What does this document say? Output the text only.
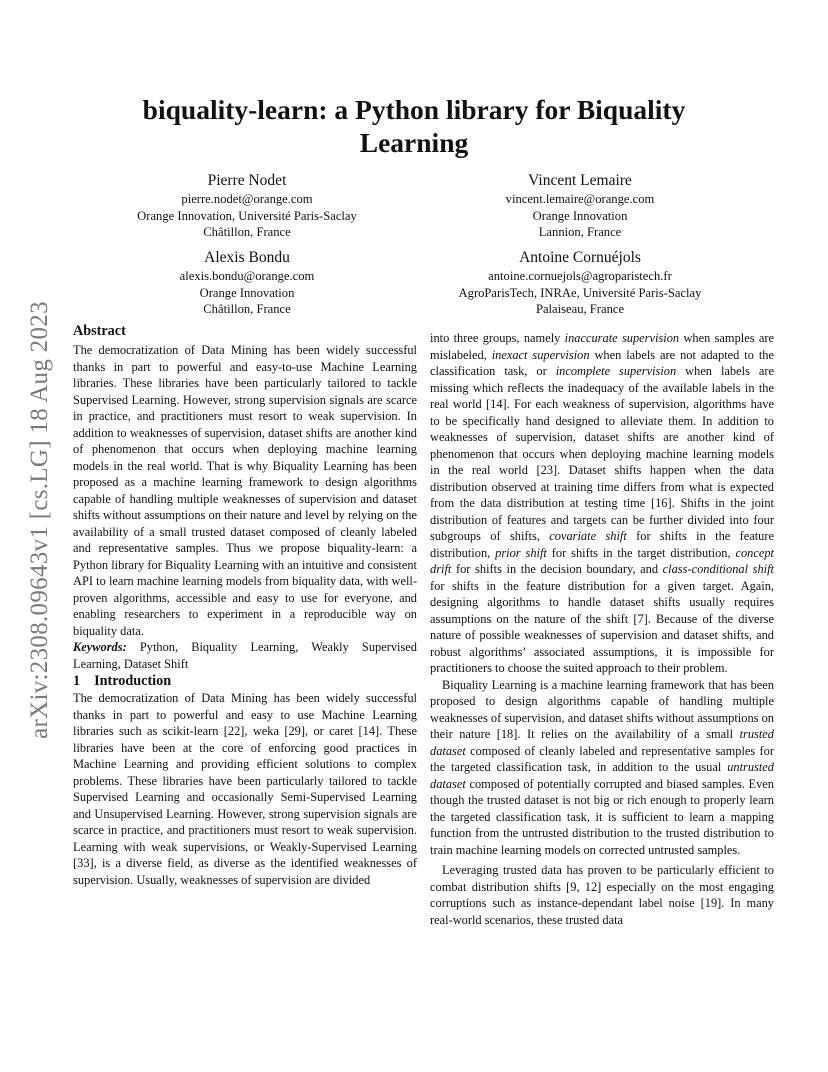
arXiv:2308.09643v1 [cs.LG] 18 Aug 2023
biquality-learn: a Python library for Biquality Learning
Pierre Nodet
pierre.nodet@orange.com
Orange Innovation, Université Paris-Saclay
Châtillon, France
Vincent Lemaire
vincent.lemaire@orange.com
Orange Innovation
Lannion, France
Alexis Bondu
alexis.bondu@orange.com
Orange Innovation
Châtillon, France
Antoine Cornuéjols
antoine.cornuejols@agroparistech.fr
AgroParisTech, INRAe, Université Paris-Saclay
Palaiseau, France
Abstract

The democratization of Data Mining has been widely successful thanks in part to powerful and easy-to-use Machine Learning libraries. These libraries have been particularly tailored to tackle Supervised Learning. However, strong supervision signals are scarce in practice, and practitioners must resort to weak supervision. In addition to weaknesses of supervision, dataset shifts are another kind of phenomenon that occurs when deploying machine learning models in the real world. That is why Biquality Learning has been proposed as a machine learning framework to design algorithms capable of handling multiple weaknesses of supervision and dataset shifts without assumptions on their nature and level by relying on the availability of a small trusted dataset composed of cleanly labeled and representative samples. Thus we propose biquality-learn: a Python library for Biquality Learning with an intuitive and consistent API to learn machine learning models from biquality data, with well-proven algorithms, accessible and easy to use for everyone, and enabling researchers to experiment in a reproducible way on biquality data.

Keywords: Python, Biquality Learning, Weakly Supervised Learning, Dataset Shift

1 Introduction

The democratization of Data Mining has been widely successful thanks in part to powerful and easy to use Machine Learning libraries such as scikit-learn [22], weka [29], or caret [14]. These libraries have been at the core of enforcing good practices in Machine Learning and providing efficient solutions to complex problems. These libraries have been particularly tailored to tackle Supervised Learning and occasionally Semi-Supervised Learning and Unsupervised Learning. However, strong supervision signals are scarce in practice, and practitioners must resort to weak supervision. Learning with weak supervisions, or Weakly-Supervised Learning [33], is a diverse field, as diverse as the identified weaknesses of supervision. Usually, weaknesses of supervision are divided

into three groups, namely inaccurate supervision when samples are mislabeled, inexact supervision when labels are not adapted to the classification task, or incomplete supervision when labels are missing which reflects the inadequacy of the available labels in the real world [14]. For each weakness of supervision, algorithms have to be specifically hand designed to alleviate them. In addition to weaknesses of supervision, dataset shifts are another kind of phenomenon that occurs when deploying machine learning models in the real world [23]. Dataset shifts happen when the data distribution observed at training time differs from what is expected from the data distribution at testing time [16]. Shifts in the joint distribution of features and targets can be further divided into four subgroups of shifts, covariate shift for shifts in the feature distribution, prior shift for shifts in the target distribution, concept drift for shifts in the decision boundary, and class-conditional shift for shifts in the feature distribution for a given target. Again, designing algorithms to handle dataset shifts usually requires assumptions on the nature of the shift [7]. Because of the diverse nature of possible weaknesses of supervision and dataset shifts, and robust algorithms’ associated assumptions, it is impossible for practitioners to choose the suited approach to their problem.

Biquality Learning is a machine learning framework that has been proposed to design algorithms capable of handling multiple weaknesses of supervision, and dataset shifts without assumptions on their nature [18]. It relies on the availability of a small trusted dataset composed of cleanly labeled and representative samples for the targeted classification task, in addition to the usual untrusted dataset composed of potentially corrupted and biased samples. Even though the trusted dataset is not big or rich enough to properly learn the targeted classification task, it is sufficient to learn a mapping function from the untrusted distribution to the trusted distribution to train machine learning models on corrected untrusted samples.

Leveraging trusted data has proven to be particularly efficient to combat distribution shifts [9, 12] especially on the most engaging corruptions such as instance-dependant label noise [19]. In many real-world scenarios, these trusted data
